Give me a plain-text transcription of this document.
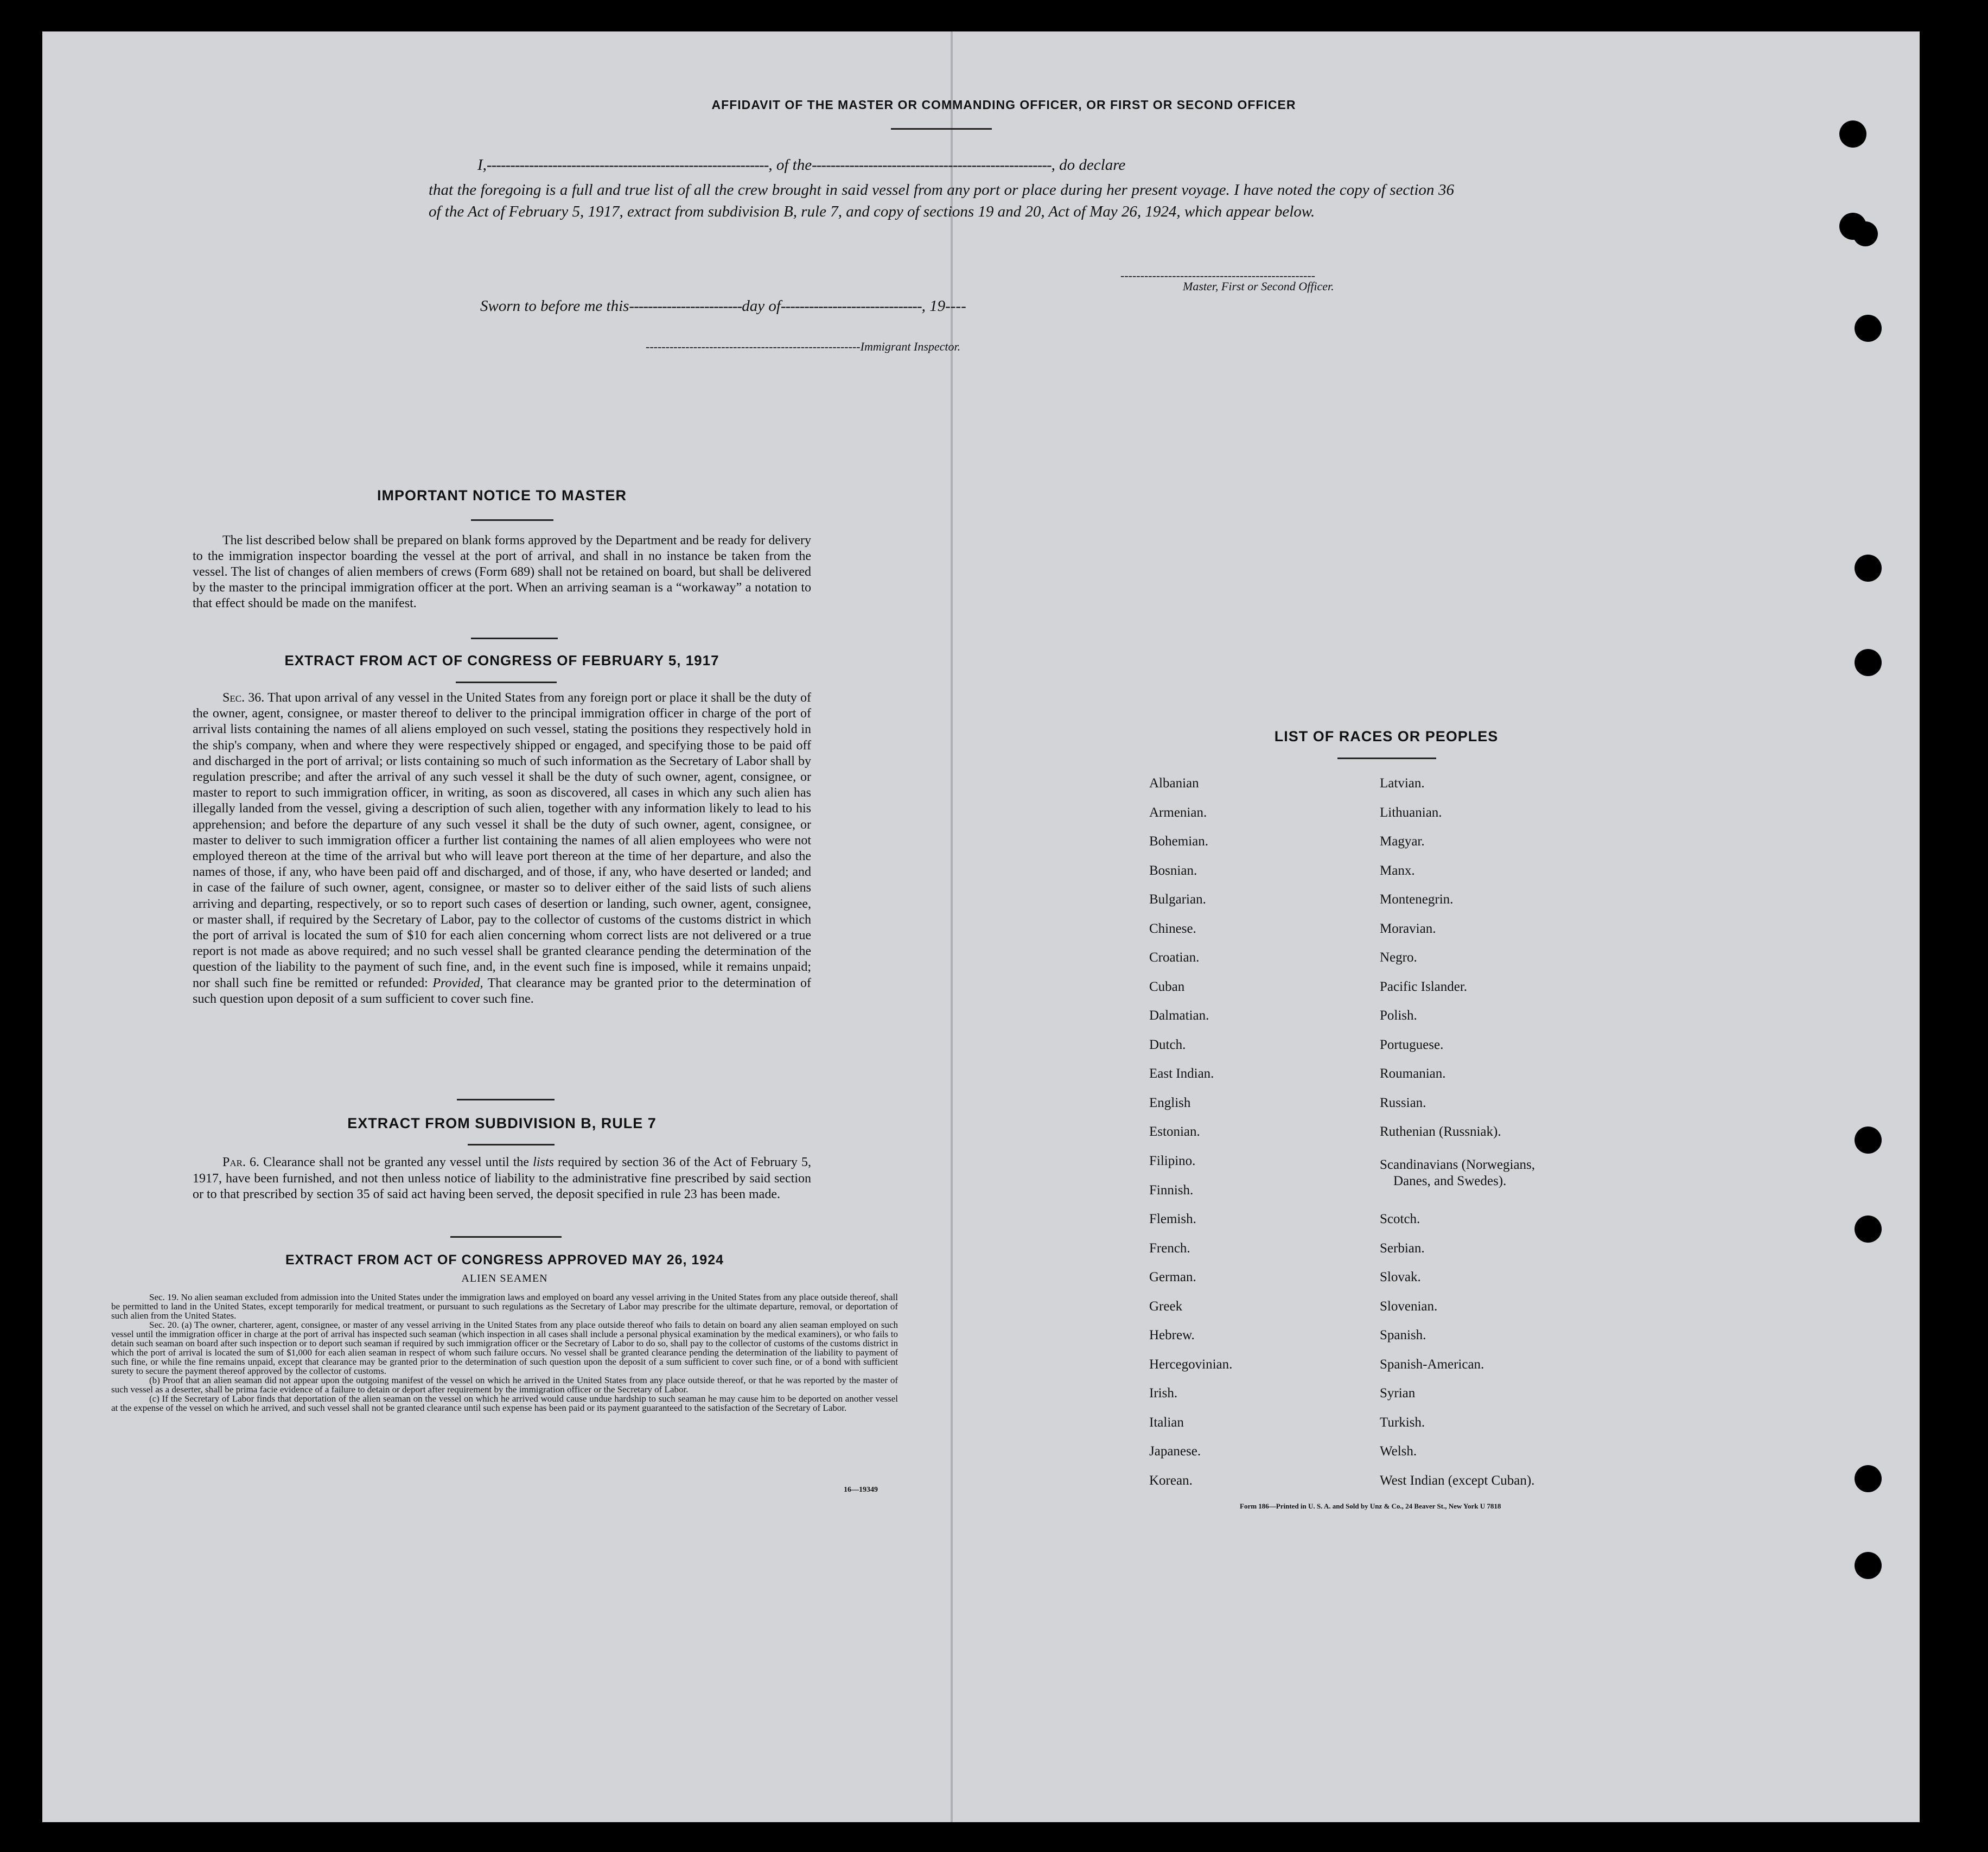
AFFIDAVIT OF THE MASTER OR COMMANDING OFFICER, OR FIRST OR SECOND OFFICER
I,------------------------------------------------------------, of the---------------------------------------------------, do declare
that the foregoing is a full and true list of all the crew brought in said vessel from any port or place during her present voyage. I have noted the copy of section 36 of the Act of February 5, 1917, extract from subdivision B, rule 7, and copy of sections 19 and 20, Act of May 26, 1924, which appear below.
-------------------------------------------------
Master, First or Second Officer.
Sworn to before me this------------------------day of------------------------------, 19----
------------------------------------------------------Immigrant Inspector.
IMPORTANT NOTICE TO MASTER
The list described below shall be prepared on blank forms approved by the Department and be ready for delivery to the immigration inspector boarding the vessel at the port of arrival, and shall in no instance be taken from the vessel. The list of changes of alien members of crews (Form 689) shall not be retained on board, but shall be delivered by the master to the principal immigration officer at the port. When an arriving seaman is a “workaway” a notation to that effect should be made on the manifest.
EXTRACT FROM ACT OF CONGRESS OF FEBRUARY 5, 1917
Sec. 36. That upon arrival of any vessel in the United States from any foreign port or place it shall be the duty of the owner, agent, consignee, or master thereof to deliver to the principal immigration officer in charge of the port of arrival lists containing the names of all aliens employed on such vessel, stating the positions they respectively hold in the ship's company, when and where they were respectively shipped or engaged, and specifying those to be paid off and discharged in the port of arrival; or lists containing so much of such information as the Secretary of Labor shall by regulation prescribe; and after the arrival of any such vessel it shall be the duty of such owner, agent, consignee, or master to report to such immigration officer, in writing, as soon as discovered, all cases in which any such alien has illegally landed from the vessel, giving a description of such alien, together with any information likely to lead to his apprehension; and before the departure of any such vessel it shall be the duty of such owner, agent, consignee, or master to deliver to such immigration officer a further list containing the names of all alien employees who were not employed thereon at the time of the arrival but who will leave port thereon at the time of her departure, and also the names of those, if any, who have been paid off and discharged, and of those, if any, who have deserted or landed; and in case of the failure of such owner, agent, consignee, or master so to deliver either of the said lists of such aliens arriving and departing, respectively, or so to report such cases of desertion or landing, such owner, agent, consignee, or master shall, if required by the Secretary of Labor, pay to the collector of customs of the customs district in which the port of arrival is located the sum of $10 for each alien concerning whom correct lists are not delivered or a true report is not made as above required; and no such vessel shall be granted clearance pending the determination of the question of the liability to the payment of such fine, and, in the event such fine is imposed, while it remains unpaid; nor shall such fine be remitted or refunded: Provided, That clearance may be granted prior to the determination of such question upon deposit of a sum sufficient to cover such fine.
EXTRACT FROM SUBDIVISION B, RULE 7
Par. 6. Clearance shall not be granted any vessel until the lists required by section 36 of the Act of February 5, 1917, have been furnished, and not then unless notice of liability to the administrative fine prescribed by said section or to that prescribed by section 35 of said act having been served, the deposit specified in rule 23 has been made.
EXTRACT FROM ACT OF CONGRESS APPROVED MAY 26, 1924
ALIEN SEAMEN
Sec. 19. No alien seaman excluded from admission into the United States under the immigration laws and employed on board any vessel arriving in the United States from any place outside thereof, shall be permitted to land in the United States, except temporarily for medical treatment, or pursuant to such regulations as the Secretary of Labor may prescribe for the ultimate departure, removal, or deportation of such alien from the United States.
Sec. 20. (a) The owner, charterer, agent, consignee, or master of any vessel arriving in the United States from any place outside thereof who fails to detain on board any alien seaman employed on such vessel until the immigration officer in charge at the port of arrival has inspected such seaman (which inspection in all cases shall include a personal physical examination by the medical examiners), or who fails to detain such seaman on board after such inspection or to deport such seaman if required by such immigration officer or the Secretary of Labor to do so, shall pay to the collector of customs of the customs district in which the port of arrival is located the sum of $1,000 for each alien seaman in respect of whom such failure occurs. No vessel shall be granted clearance pending the determination of the liability to payment of such fine, or while the fine remains unpaid, except that clearance may be granted prior to the determination of such question upon the deposit of a sum sufficient to cover such fine, or of a bond with sufficient surety to secure the payment thereof approved by the collector of customs.
(b) Proof that an alien seaman did not appear upon the outgoing manifest of the vessel on which he arrived in the United States from any place outside thereof, or that he was reported by the master of such vessel as a deserter, shall be prima facie evidence of a failure to detain or deport after requirement by the immigration officer or the Secretary of Labor.
(c) If the Secretary of Labor finds that deportation of the alien seaman on the vessel on which he arrived would cause undue hardship to such seaman he may cause him to be deported on another vessel at the expense of the vessel on which he arrived, and such vessel shall not be granted clearance until such expense has been paid or its payment guaranteed to the satisfaction of the Secretary of Labor.
16—19349
LIST OF RACES OR PEOPLES
Albanian
Armenian.
Bohemian.
Bosnian.
Bulgarian.
Chinese.
Croatian.
Cuban
Dalmatian.
Dutch.
East Indian.
English
Estonian.
Filipino.
Finnish.
Flemish.
French.
German.
Greek
Hebrew.
Hercegovinian.
Irish.
Italian
Japanese.
Korean.
Latvian.
Lithuanian.
Magyar.
Manx.
Montenegrin.
Moravian.
Negro.
Pacific Islander.
Polish.
Portuguese.
Roumanian.
Russian.
Ruthenian (Russniak).
Scandinavians (Norwegians,
Danes, and Swedes).
Scotch.
Serbian.
Slovak.
Slovenian.
Spanish.
Spanish-American.
Syrian
Turkish.
Welsh.
West Indian (except Cuban).
Form 186—Printed in U. S. A. and Sold by Unz & Co., 24 Beaver St., New York U 7818
